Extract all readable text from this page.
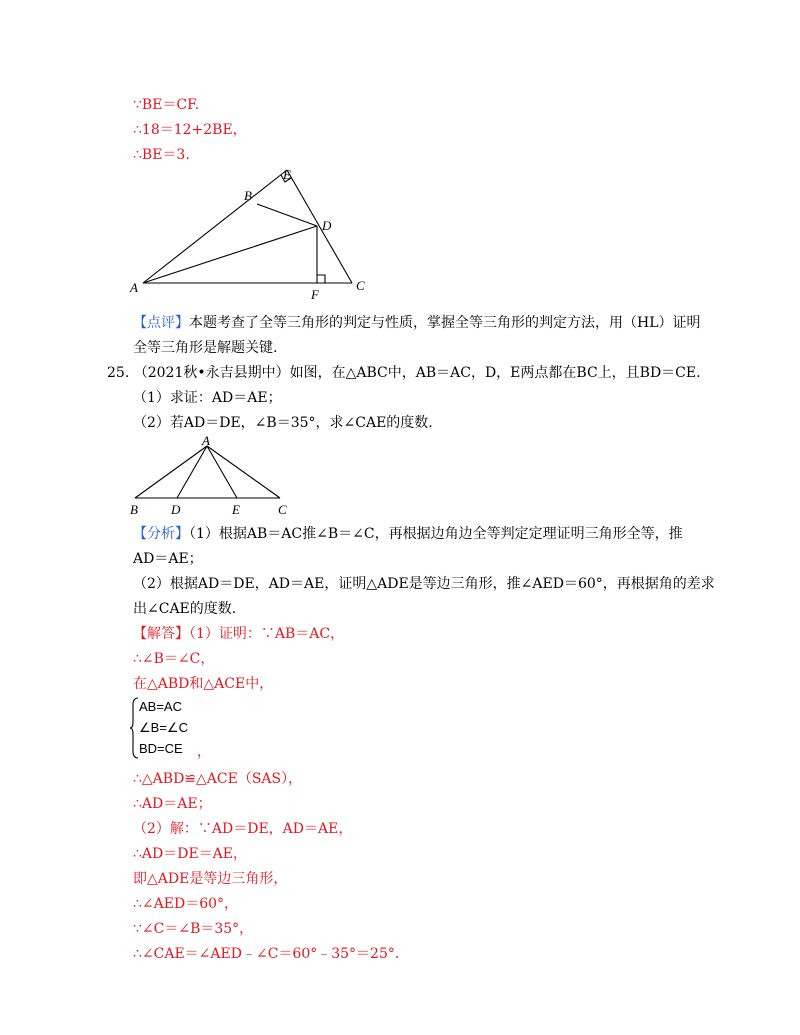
∵BE＝CF.
∴18＝12+2BE，
∴BE＝3.
A
B
C
D
E
F
【点评】本题考查了全等三角形的判定与性质，掌握全等三角形的判定方法，用（HL）证明
全等三角形是解题关键.
25. （2021秋•永吉县期中）如图，在△ABC中，AB＝AC，D，E两点都在BC上，且BD＝CE.
（1）求证：AD＝AE；
（2）若AD＝DE，∠B＝35°，求∠CAE的度数.
A
B	D	E	C
【分析】（1）根据AB＝AC推∠B＝∠C，再根据边角边全等判定定理证明三角形全等，推
AD＝AE；
（2）根据AD＝DE，AD＝AE，证明△ADE是等边三角形，推∠AED＝60°，再根据角的差求
出∠CAE的度数.
【解答】（1）证明：∵AB＝AC，
∴∠B＝∠C，
在△ABD和△ACE中，
AB=AC
∠B=∠C
BD=CE ，
∴△ABD≌△ACE（SAS），
∴AD＝AE；
（2）解：∵AD＝DE，AD＝AE，
∴AD＝DE＝AE，
即△ADE是等边三角形，
∴∠AED＝60°，
∵∠C＝∠B＝35°，
∴∠CAE＝∠AED﹣∠C＝60°﹣35°＝25°.
